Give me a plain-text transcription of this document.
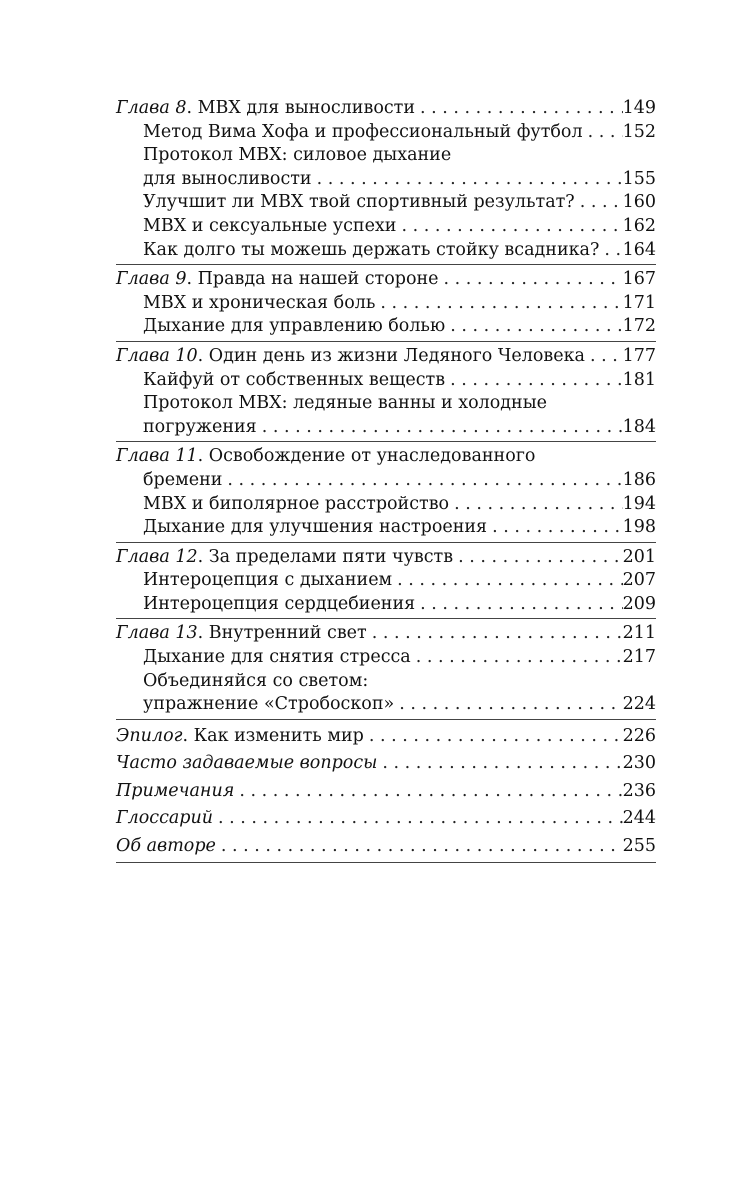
Глава 8. МВХ для выносливости . . .	149
Метод Вима Хофа и профессиональный футбол . . . 152
Протокол МВХ: силовое дыхание
для выносливости . . .	155
Улучшит ли МВХ твой спортивный результат? . . .	160
МВХ и сексуальные успехи . . .	162
Как долго ты можешь держать стойку всадника? . . . 164
Глава 9. Правда на нашей стороне . . .	167
МВХ и хроническая боль . . .	171
Дыхание для управлению болью . . .	172
Глава 10. Один день из жизни Ледяного Человека . . . 177
Кайфуй от собственных веществ . . .	181
Протокол МВХ: ледяные ванны и холодные
погружения . . .	184
Глава 11. Освобождение от унаследованного
бремени . . .	186
МВХ и биполярное расстройство . . .	194
Дыхание для улучшения настроения . . .	198
Глава 12. За пределами пяти чувств . . .	201
Интероцепция с дыханием . . .	207
Интероцепция сердцебиения . . .	209
Глава 13. Внутренний свет . . .	211
Дыхание для снятия стресса . . .	217
Объединяйся со светом:
упражнение «Стробоскоп» . . .	224
Эпилог. Как изменить мир . . .	226
Часто задаваемые вопросы . . .	230
Примечания . . .	236
Глоссарий . . .	244
Об авторе . . .	255
